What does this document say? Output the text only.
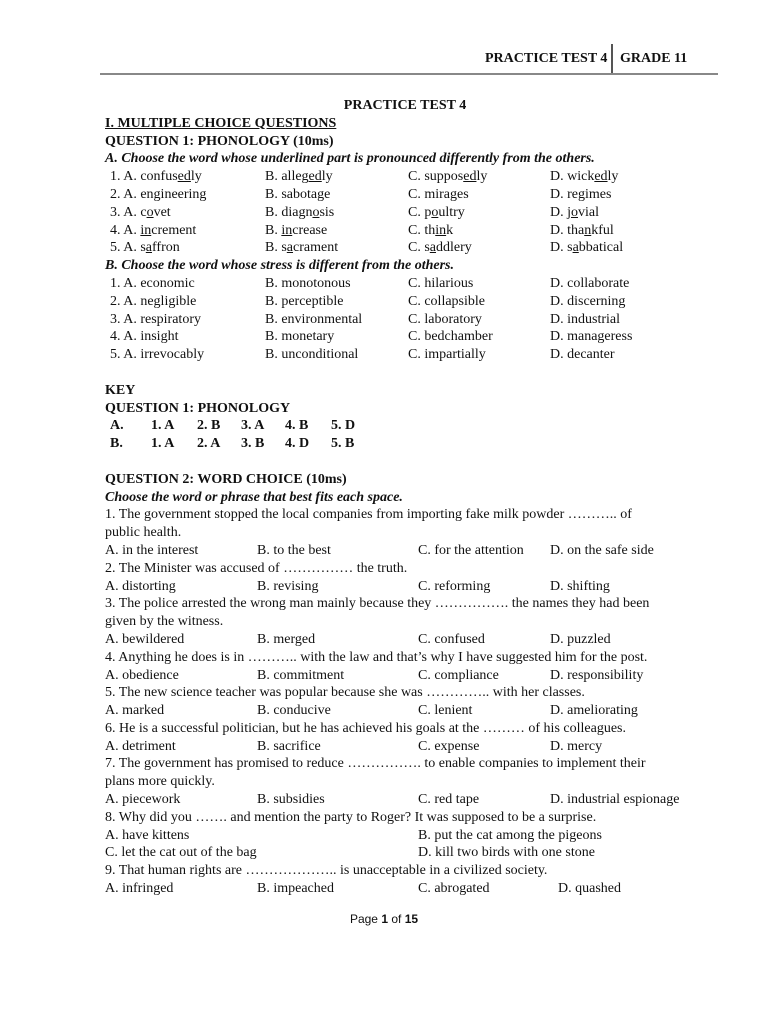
PRACTICE TEST 4 GRADE 11
PRACTICE TEST 4
I. MULTIPLE CHOICE QUESTIONS
QUESTION 1: PHONOLOGY (10ms)
A. Choose the word whose underlined part is pronounced differently from the others.
1. A. confusedly	B. allegedly	C. supposedly	D. wickedly
2. A. engineering	B. sabotage	C. mirages	D. regimes
3. A. covet	B. diagnosis	C. poultry	D. jovial
4. A. increment	B. increase	C. think	D. thankful
5. A. saffron	B. sacrament	C. saddlery	D. sabbatical
B. Choose the word whose stress is different from the others.
1. A. economic	B. monotonous	C. hilarious	D. collaborate
2. A. negligible	B. perceptible	C. collapsible	D. discerning
3. A. respiratory	B. environmental	C. laboratory	D. industrial
4. A. insight	B. monetary	C. bedchamber	D. manageress
5. A. irrevocably	B. unconditional	C. impartially	D. decanter
KEY
QUESTION 1: PHONOLOGY
A. 1. A 2. B 3. A 4. B 5. D
B. 1. A 2. A 3. B 4. D 5. B
QUESTION 2: WORD CHOICE (10ms)
Choose the word or phrase that best fits each space.
1. The government stopped the local companies from importing fake milk powder ……….. of
public health.
A. in the interest	B. to the best	C. for the attention D. on the safe side
2. The Minister was accused of …………… the truth.
A. distorting	B. revising	C. reforming	D. shifting
3. The police arrested the wrong man mainly because they ……………. the names they had been
given by the witness.
A. bewildered	B. merged	C. confused	D. puzzled
4. Anything he does is in ……….. with the law and that’s why I have suggested him for the post.
A. obedience	B. commitment	C. compliance	D. responsibility
5. The new science teacher was popular because she was ………….. with her classes.
A. marked	B. conducive	C. lenient	D. ameliorating
6. He is a successful politician, but he has achieved his goals at the ……… of his colleagues.
A. detriment	B. sacrifice	C. expense	D. mercy
7. The government has promised to reduce ……………. to enable companies to implement their
plans more quickly.
A. piecework	B. subsidies	C. red tape	D. industrial espionage
8. Why did you ……. and mention the party to Roger? It was supposed to be a surprise.
A. have kittens	B. put the cat among the pigeons
C. let the cat out of the bag	D. kill two birds with one stone
9. That human rights are ……………….. is unacceptable in a civilized society.
A. infringed	B. impeached	C. abrogated	D. quashed
Page 1 of 15
